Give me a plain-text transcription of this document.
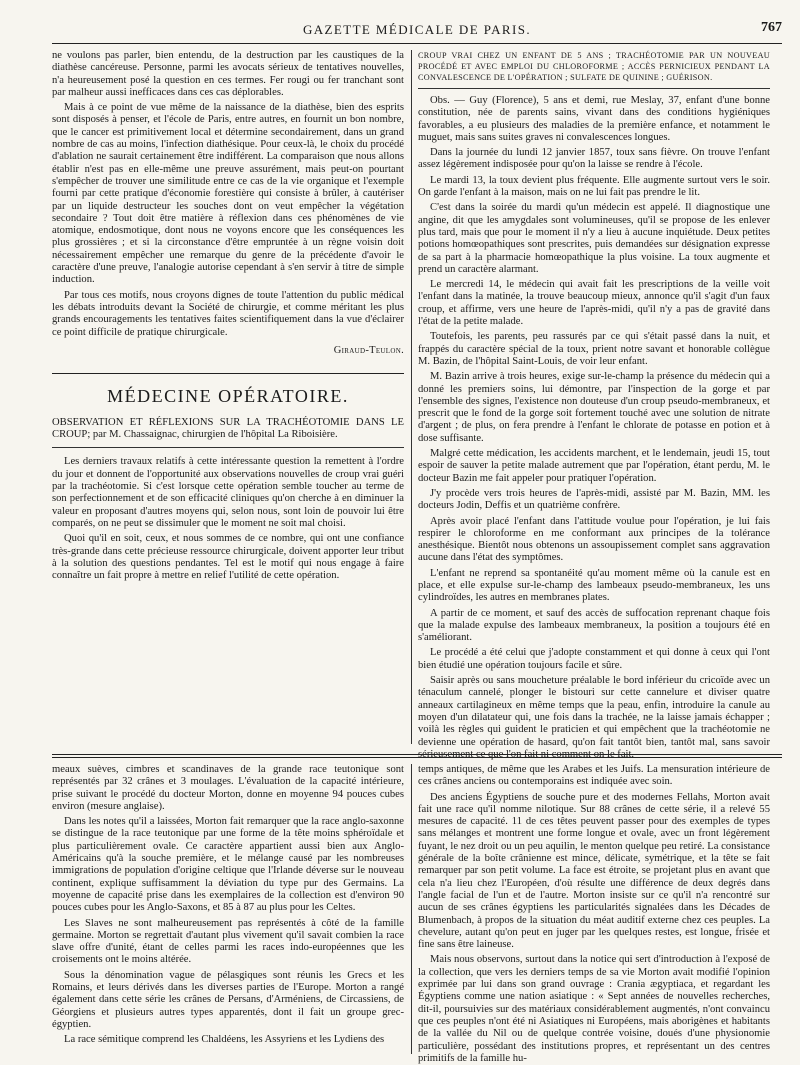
GAZETTE MÉDICALE DE PARIS.	767

ne voulons pas parler, bien entendu, de la destruction par les caustiques de la diathèse cancéreuse. Personne, parmi les avocats sérieux de tentatives nouvelles, n'a heureusement posé la question en ces termes. Fer rougi ou fer tranchant sont par malheur aussi inefficaces dans ces cas déplorables.

Mais à ce point de vue même de la naissance de la diathèse, bien des esprits sont disposés à penser, et l'école de Paris, entre autres, en fournit un bon nombre, que le cancer est primitivement local et détermine secondairement, dans un grand nombre de cas au moins, l'infection diathésique. Pour ceux-là, le choix du procédé d'ablation ne saurait certainement être indifférent. La comparaison que nous allons établir n'est pas en elle-même une preuve assurément, mais peut-on pourtant s'empêcher de trouver une similitude entre ce cas de la vie organique et l'exemple fourni par cette pratique d'économie forestière qui consiste à brûler, à cautériser par un liquide destructeur les souches dont on veut empêcher la végétation secondaire ? Tout doit être matière à réflexion dans ces phénomènes de vie atomique, endosmotique, dont nous ne voyons encore que les conséquences les plus grossières ; et si la circonstance d'être empruntée à un règne voisin doit nécessairement empêcher une remarque du genre de la précédente d'avoir le caractère d'une preuve, l'analogie autorise cependant à s'en servir à titre de simple induction.

Par tous ces motifs, nous croyons dignes de toute l'attention du public médical les débats introduits devant la Société de chirurgie, et comme méritant les plus grands encouragements les tentatives faites scientifiquement dans la vue d'éclairer ce point difficile de pratique chirurgicale.

Giraud-Teulon.
MÉDECINE OPÉRATOIRE.
OBSERVATION ET RÉFLEXIONS SUR LA TRACHÉOTOMIE DANS LE CROUP; par M. Chassaignac, chirurgien de l'hôpital La Riboisière.

Les derniers travaux relatifs à cette intéressante question la remettent à l'ordre du jour et donnent de l'opportunité aux observations nouvelles de croup vrai guéri par la trachéotomie. Si c'est lorsque cette opération semble toucher au terme de son perfectionnement et de son efficacité cliniques qu'on cherche à en diminuer la valeur en proposant d'autres moyens qui, selon nous, sont loin de pouvoir lui être comparés, on ne peut se dissimuler que le moment ne soit mal choisi.

Quoi qu'il en soit, ceux, et nous sommes de ce nombre, qui ont une confiance très-grande dans cette précieuse ressource chirurgicale, doivent apporter leur tribut à la solution des questions pendantes. Tel est le motif qui nous engage à faire connaître un fait propre à mettre en relief l'utilité de cette opération.

CROUP VRAI CHEZ UN ENFANT DE 5 ANS ; TRACHÉOTOMIE PAR UN NOUVEAU PROCÉDÉ ET AVEC EMPLOI DU CHLOROFORME ; ACCÈS PERNICIEUX PENDANT LA CONVALESCENCE DE L'OPÉRATION ; SULFATE DE QUININE ; GUÉRISON.

Obs. — Guy (Florence), 5 ans et demi, rue Meslay, 37, enfant d'une bonne constitution, née de parents sains, vivant dans des conditions hygiéniques favorables, a eu plusieurs des maladies de la première enfance, et notamment le muguet, mais sans suites graves ni convalescences longues.

Dans la journée du lundi 12 janvier 1857, toux sans fièvre. On trouve l'enfant assez légèrement indisposée pour qu'on la laisse se rendre à l'école.

Le mardi 13, la toux devient plus fréquente. Elle augmente surtout vers le soir. On garde l'enfant à la maison, mais on ne lui fait pas prendre le lit.

C'est dans la soirée du mardi qu'un médecin est appelé. Il diagnostique une angine, dit que les amygdales sont volumineuses, qu'il se propose de les enlever plus tard, mais que pour le moment il n'y a lieu à aucune inquiétude. Deux petites potions homœopathiques sont prescrites, puis demandées sur désignation expresse de sa part à la pharmacie homœopathique la plus voisine. La toux augmente et prend un caractère alarmant.

Le mercredi 14, le médecin qui avait fait les prescriptions de la veille voit l'enfant dans la matinée, la trouve beaucoup mieux, annonce qu'il s'agit d'un faux croup, et affirme, vers une heure de l'après-midi, qu'il n'y a pas de gravité dans l'état de la petite malade.

Toutefois, les parents, peu rassurés par ce qui s'était passé dans la nuit, et frappés du caractère spécial de la toux, prient notre savant et honorable collègue M. Bazin, de l'hôpital Saint-Louis, de voir leur enfant.

M. Bazin arrive à trois heures, exige sur-le-champ la présence du médecin qui a donné les premiers soins, lui démontre, par l'inspection de la gorge et par l'ensemble des signes, l'existence non douteuse d'un croup pseudo-membraneux, et prescrit que le fond de la gorge soit fortement touché avec une solution de nitrate d'argent ; de plus, on fera prendre à l'enfant le chlorate de potasse en potion et à dose suffisante.

Malgré cette médication, les accidents marchent, et le lendemain, jeudi 15, tout espoir de sauver la petite malade autrement que par l'opération, étant perdu, M. le docteur Bazin me fait appeler pour pratiquer l'opération.

J'y procède vers trois heures de l'après-midi, assisté par M. Bazin, MM. les docteurs Jodin, Deffis et un quatrième confrère.

Après avoir placé l'enfant dans l'attitude voulue pour l'opération, je lui fais respirer le chloroforme en me conformant aux principes de la tolérance anesthésique. Bientôt nous obtenons un assoupissement complet sans aggravation aucune dans l'état des symptômes.

L'enfant ne reprend sa spontanéité qu'au moment même où la canule est en place, et elle expulse sur-le-champ des lambeaux pseudo-membraneux, les uns cylindroïdes, les autres en membranes plates.

A partir de ce moment, et sauf des accès de suffocation reprenant chaque fois que la malade expulse des lambeaux membraneux, la position a toujours été en s'améliorant.

Le procédé a été celui que j'adopte constamment et qui donne à ceux qui l'ont bien étudié une opération toujours facile et sûre.

Saisir après ou sans moucheture préalable le bord inférieur du cricoïde avec un ténaculum cannelé, plonger le bistouri sur cette cannelure et diviser quatre anneaux cartilagineux en même temps que la peau, enfin, introduire la canule au moyen d'un dilatateur qui, une fois dans la trachée, ne la laisse jamais échapper ; voilà les règles qui guident le praticien et qui empêchent que la trachéotomie ne devienne une opération de hasard, qu'on fait tantôt bien, tantôt mal, sans savoir sérieusement ce que l'on fait ni comment on le fait.

meaux suèves, cimbres et scandinaves de la grande race teutonique sont représentés par 32 crânes et 3 moulages. L'évaluation de la capacité intérieure, prise suivant le procédé du docteur Morton, donne en moyenne 94 pouces cubes environ (mesure anglaise).

Dans les notes qu'il a laissées, Morton fait remarquer que la race anglo-saxonne se distingue de la race teutonique par une forme de la tête moins sphéroïdale et plus particulièrement ovale. Ce caractère appartient aussi bien aux Anglo-Américains qu'à la souche première, et le mélange causé par les nombreuses immigrations de population d'origine celtique que l'Irlande déverse sur le nouveau continent, explique suffisamment la déviation du type pur des Germains. La moyenne de capacité prise dans les exemplaires de la collection est d'environ 90 pouces cubes pour les Anglo-Saxons, et 85 à 87 au plus pour les Celtes.

Les Slaves ne sont malheureusement pas représentés à côté de la famille germaine. Morton se regrettait d'autant plus vivement qu'il savait combien la race slave offre d'unité, étant de celles parmi les races indo-européennes que les croisements ont le moins altérée.

Sous la dénomination vague de pélasgiques sont réunis les Grecs et les Romains, et leurs dérivés dans les diverses parties de l'Europe. Morton a rangé également dans cette série les crânes de Persans, d'Arméniens, de Circassiens, de Géorgiens et plusieurs autres types apparentés, dont il fait un groupe grec-égyptien.

La race sémitique comprend les Chaldéens, les Assyriens et les Lydiens des

temps antiques, de même que les Arabes et les Juifs. La mensuration intérieure de ces crânes anciens ou contemporains est indiquée avec soin.

Des anciens Égyptiens de souche pure et des modernes Fellahs, Morton avait fait une race qu'il nomme nilotique. Sur 88 crânes de cette série, il a relevé 55 mesures de capacité. 11 de ces têtes peuvent passer pour des exemples de types sans mélanges et montrent une forme longue et ovale, avec un front légèrement fuyant, le nez droit ou un peu aquilin, le menton quelque peu retiré. La consistance générale de la boîte crânienne est mince, délicate, symétrique, et la tête se fait remarquer par son petit volume. La face est étroite, se projetant plus en avant que cela n'a lieu chez l'Européen, d'où résulte une différence de deux degrés dans l'angle facial de l'un et de l'autre. Morton insiste sur ce qu'il n'a rencontré sur aucun de ses crânes égyptiens les particularités signalées dans les Décades de Blumenbach, à propos de la situation du méat auditif externe chez ces peuples. La chevelure, autant qu'on peut en juger par les quelques restes, est longue, frisée et fine sans être laineuse.

Mais nous observons, surtout dans la notice qui sert d'introduction à l'exposé de la collection, que vers les derniers temps de sa vie Morton avait modifié l'opinion exprimée par lui dans son grand ouvrage : Crania ægyptiaca, et regardant les Égyptiens comme une nation asiatique : « Sept années de nouvelles recherches, dit-il, poursuivies sur des matériaux considérablement augmentés, n'ont convaincu que ces peuples n'ont été ni Asiatiques ni Européens, mais aborigènes et habitants de la vallée du Nil ou de quelque contrée voisine, doués d'une physionomie particulière, possédant des institutions propres, et représentant un des centres primitifs de la famille hu-
